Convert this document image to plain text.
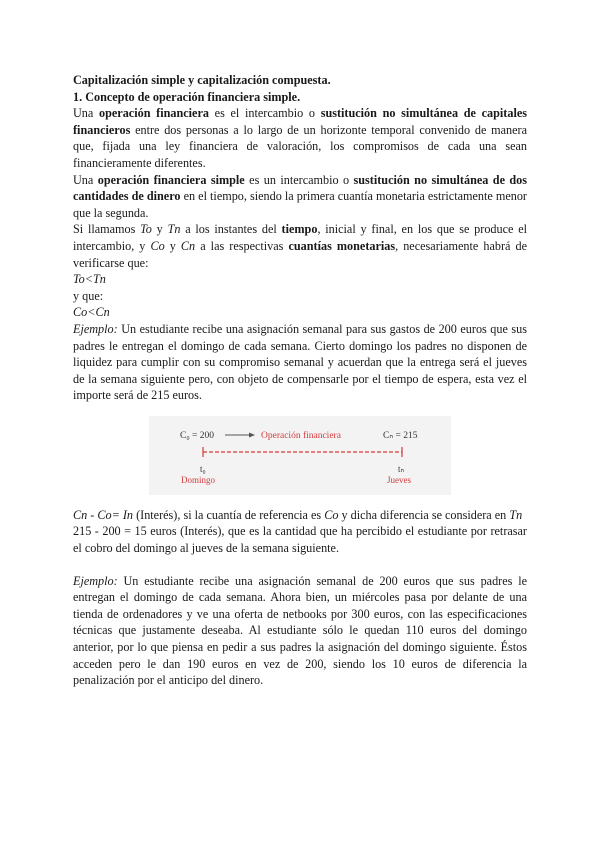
Capitalización simple y capitalización compuesta.

1. Concepto de operación financiera simple.

Una operación financiera es el intercambio o sustitución no simultánea de capitales financieros entre dos personas a lo largo de un horizonte temporal convenido de manera que, fijada una ley financiera de valoración, los compromisos de cada una sean financieramente diferentes.

Una operación financiera simple es un intercambio o sustitución no simultánea de dos cantidades de dinero en el tiempo, siendo la primera cuantía monetaria estrictamente menor que la segunda.

Si llamamos To y Tn a los instantes del tiempo, inicial y final, en los que se produce el intercambio, y Co y Cn a las respectivas cuantías monetarias, necesariamente habrá de verificarse que:

To<Tn

y que:

Co<Cn

Ejemplo: Un estudiante recibe una asignación semanal para sus gastos de 200 euros que sus padres le entregan el domingo de cada semana. Cierto domingo los padres no disponen de liquidez para cumplir con su compromiso semanal y acuerdan que la entrega será el jueves de la semana siguiente pero, con objeto de compensarle por el tiempo de espera, esta vez el importe será de 215 euros.

C₀ = 200	Operación financiera	Cₙ = 215
t₀	tₙ
Domingo	Jueves

Cn - Co= In (Interés), si la cuantía de referencia es Co y dicha diferencia se considera en Tn

215 - 200 = 15 euros (Interés), que es la cantidad que ha percibido el estudiante por retrasar el cobro del domingo al jueves de la semana siguiente.

Ejemplo: Un estudiante recibe una asignación semanal de 200 euros que sus padres le entregan el domingo de cada semana. Ahora bien, un miércoles pasa por delante de una tienda de ordenadores y ve una oferta de netbooks por 300 euros, con las especificaciones técnicas que justamente deseaba. Al estudiante sólo le quedan 110 euros del domingo anterior, por lo que piensa en pedir a sus padres la asignación del domingo siguiente. Éstos acceden pero le dan 190 euros en vez de 200, siendo los 10 euros de diferencia la penalización por el anticipo del dinero.
